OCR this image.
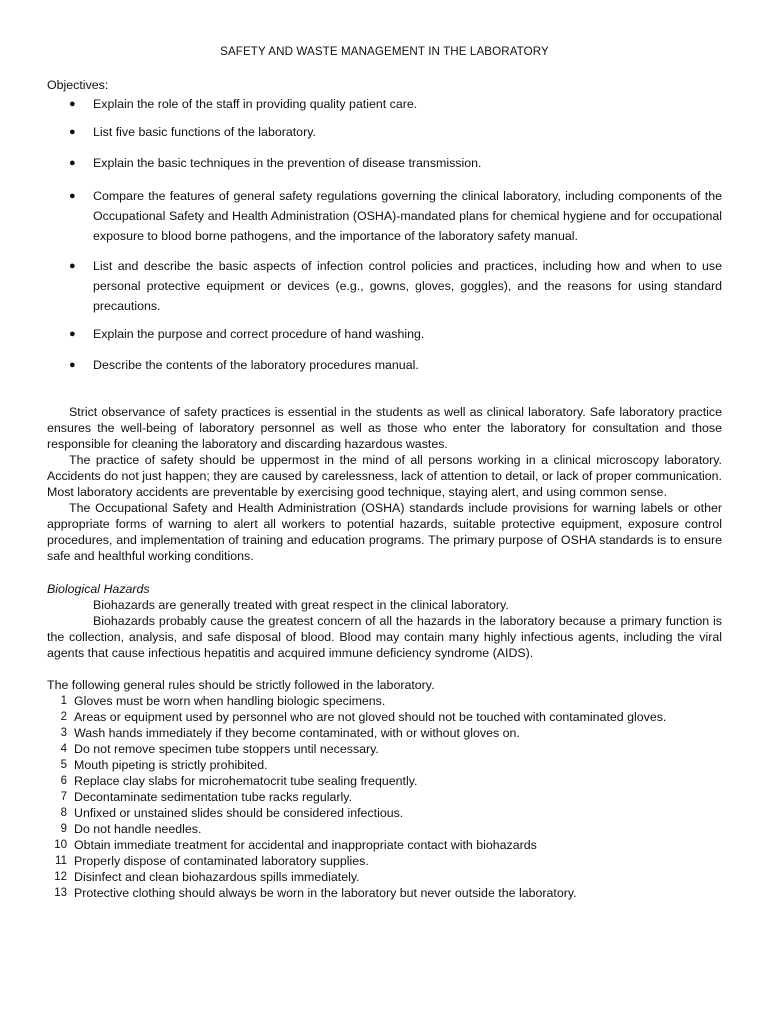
SAFETY AND WASTE MANAGEMENT IN THE LABORATORY
Objectives:
● Explain the role of the staff in providing quality patient care.
● List five basic functions of the laboratory.
● Explain the basic techniques in the prevention of disease transmission.
● Compare the features of general safety regulations governing the clinical laboratory, including components of the Occupational Safety and Health Administration (OSHA)-mandated plans for chemical hygiene and for occupational exposure to blood borne pathogens, and the importance of the laboratory safety manual.
● List and describe the basic aspects of infection control policies and practices, including how and when to use personal protective equipment or devices (e.g., gowns, gloves, goggles), and the reasons for using standard precautions.
● Explain the purpose and correct procedure of hand washing.
● Describe the contents of the laboratory procedures manual.

Strict observance of safety practices is essential in the students as well as clinical laboratory. Safe laboratory practice ensures the well-being of laboratory personnel as well as those who enter the laboratory for consultation and those responsible for cleaning the laboratory and discarding hazardous wastes.

The practice of safety should be uppermost in the mind of all persons working in a clinical microscopy laboratory. Accidents do not just happen; they are caused by carelessness, lack of attention to detail, or lack of proper communication. Most laboratory accidents are preventable by exercising good technique, staying alert, and using common sense.

The Occupational Safety and Health Administration (OSHA) standards include provisions for warning labels or other appropriate forms of warning to alert all workers to potential hazards, suitable protective equipment, exposure control procedures, and implementation of training and education programs. The primary purpose of OSHA standards is to ensure safe and healthful working conditions.

Biological Hazards

Biohazards are generally treated with great respect in the clinical laboratory.

Biohazards probably cause the greatest concern of all the hazards in the laboratory because a primary function is the collection, analysis, and safe disposal of blood. Blood may contain many highly infectious agents, including the viral agents that cause infectious hepatitis and acquired immune deficiency syndrome (AIDS).

The following general rules should be strictly followed in the laboratory.
1 Gloves must be worn when handling biologic specimens.
2 Areas or equipment used by personnel who are not gloved should not be touched with contaminated gloves.
3 Wash hands immediately if they become contaminated, with or without gloves on.
4 Do not remove specimen tube stoppers until necessary.
5 Mouth pipeting is strictly prohibited.
6 Replace clay slabs for microhematocrit tube sealing frequently.
7 Decontaminate sedimentation tube racks regularly.
8 Unfixed or unstained slides should be considered infectious.
9 Do not handle needles.
10 Obtain immediate treatment for accidental and inappropriate contact with biohazards
11 Properly dispose of contaminated laboratory supplies.
12 Disinfect and clean biohazardous spills immediately.
13 Protective clothing should always be worn in the laboratory but never outside the laboratory.
